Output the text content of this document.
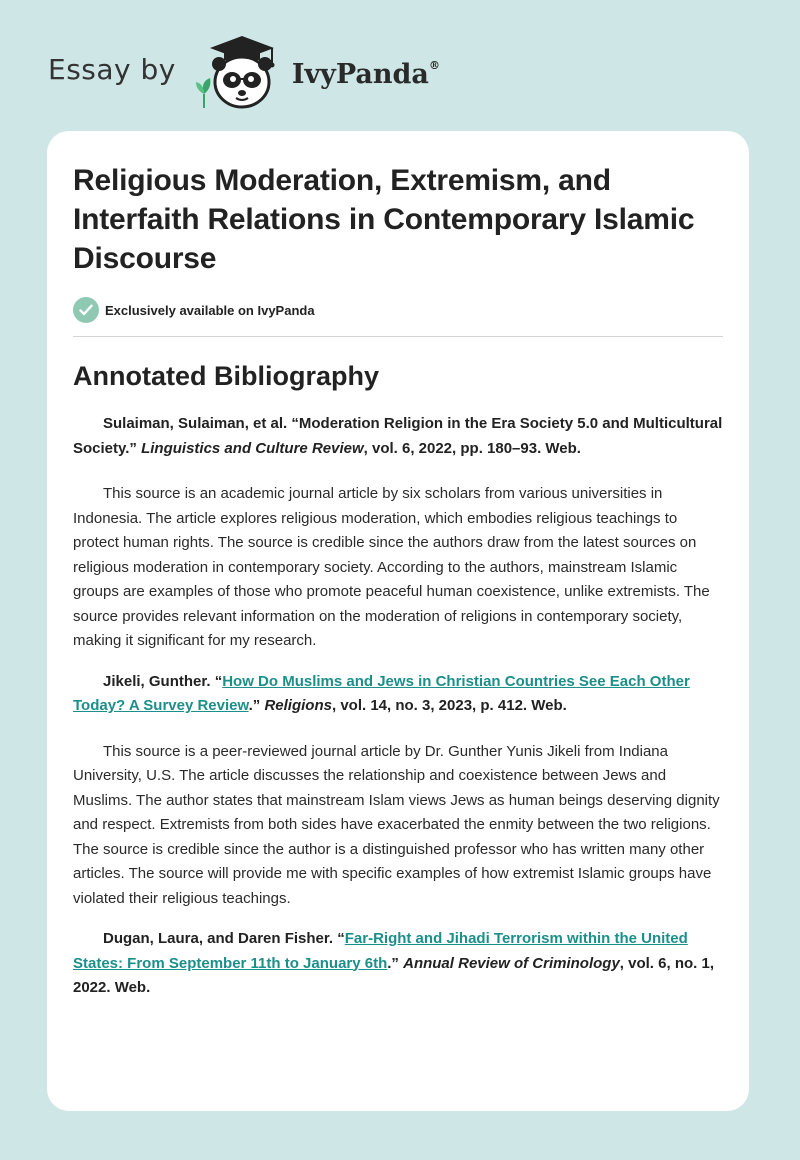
Essay by	IvyPanda®
Religious Moderation, Extremism, and Interfaith Relations in Contemporary Islamic Discourse
Exclusively available on IvyPanda
Annotated Bibliography

Sulaiman, Sulaiman, et al. “Moderation Religion in the Era Society 5.0 and Multicultural Society.” Linguistics and Culture Review, vol. 6, 2022, pp. 180–93. Web.

This source is an academic journal article by six scholars from various universities in Indonesia. The article explores religious moderation, which embodies religious teachings to protect human rights. The source is credible since the authors draw from the latest sources on religious moderation in contemporary society. According to the authors, mainstream Islamic groups are examples of those who promote peaceful human coexistence, unlike extremists. The source provides relevant information on the moderation of religions in contemporary society, making it significant for my research.

Jikeli, Gunther. “How Do Muslims and Jews in Christian Countries See Each Other Today? A Survey Review.” Religions, vol. 14, no. 3, 2023, p. 412. Web.

This source is a peer-reviewed journal article by Dr. Gunther Yunis Jikeli from Indiana University, U.S. The article discusses the relationship and coexistence between Jews and Muslims. The author states that mainstream Islam views Jews as human beings deserving dignity and respect. Extremists from both sides have exacerbated the enmity between the two religions. The source is credible since the author is a distinguished professor who has written many other articles. The source will provide me with specific examples of how extremist Islamic groups have violated their religious teachings.

Dugan, Laura, and Daren Fisher. “Far-Right and Jihadi Terrorism within the United States: From September 11th to January 6th.” Annual Review of Criminology, vol. 6, no. 1, 2022. Web.
